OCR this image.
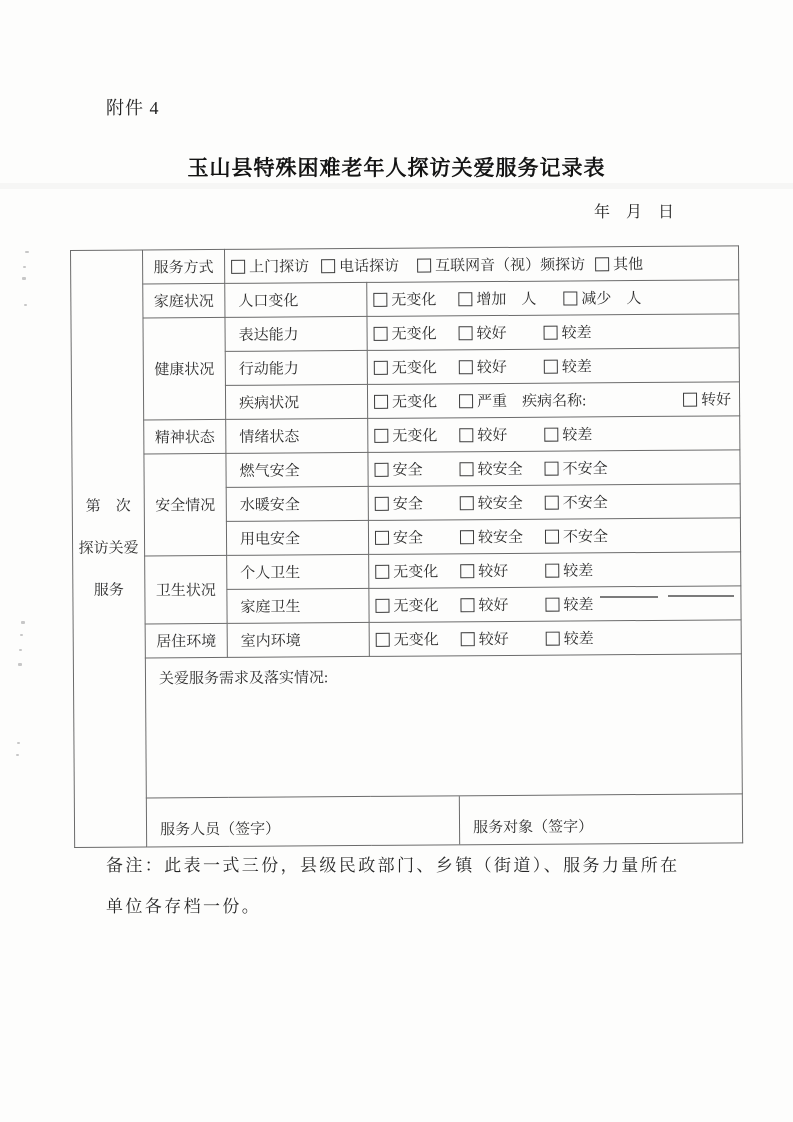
附件 4
玉山县特殊困难老年人探访关爱服务记录表
年　月　日
第　次
探访关爱
服务
	服务方式	上门探访 电话探访 互联网音（视）频探访 其他

	家庭状况	人口变化	无变化 增加　人 减少　人

	健康状况	表达能力	无变化 较好 较差

		行动能力	无变化 较好 较差

		疾病状况	无变化 严重　疾病名称: 转好

	精神状态	情绪状态	无变化 较好 较差

	安全情况	燃气安全	安全 较安全 不安全

		水暖安全	安全 较安全 不安全

		用电安全	安全 较安全 不安全

	卫生状况	个人卫生	无变化 较好 较差

		家庭卫生	无变化 较好 较差

	居住环境	室内环境	无变化 较好 较差

	关爱服务需求及落实情况:		

服务人员（签字） 服务对象（签字）		
备注：此表一式三份，县级民政部门、乡镇（街道）、服务力量所在
单位各存档一份。
